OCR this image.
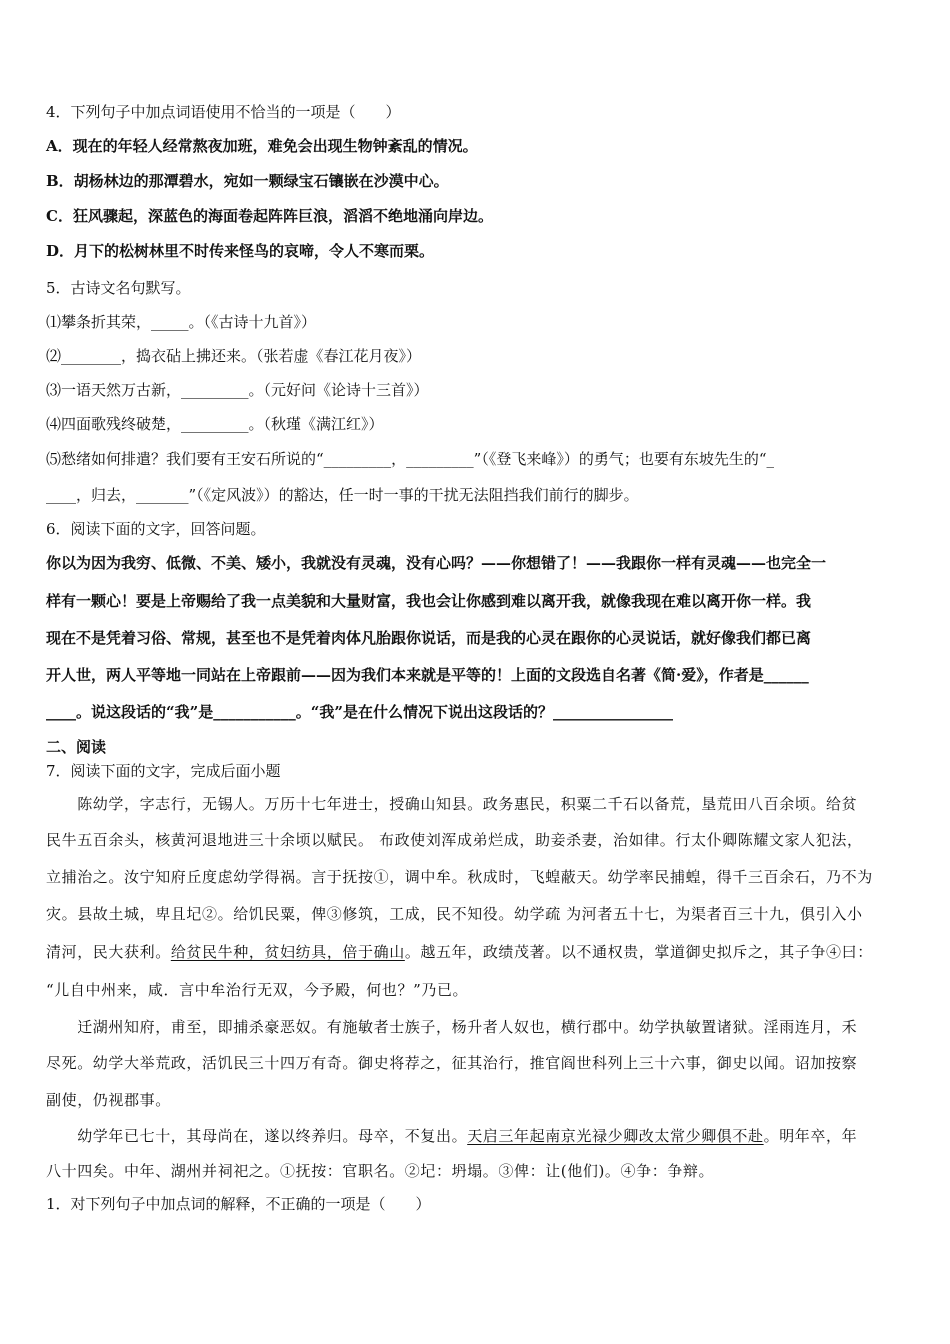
4．下列句子中加点词语使用不恰当的一项是（　　）
A．现在的年轻人经常熬夜加班，难免会出现生物钟紊乱的情况。
B．胡杨林边的那潭碧水，宛如一颗绿宝石镶嵌在沙漠中心。
C．狂风骤起，深蓝色的海面卷起阵阵巨浪，滔滔不绝地涌向岸边。
D．月下的松树林里不时传来怪鸟的哀啼，令人不寒而栗。
5．古诗文名句默写。
⑴攀条折其荣，_____。（《古诗十九首》）
⑵________，捣衣砧上拂还来。（张若虚《春江花月夜》）
⑶一语天然万古新，_________。（元好问《论诗十三首》）
⑷四面歌残终破楚，_________。（秋瑾《满江红》）
⑸愁绪如何排遣？我们要有王安石所说的“_________，_________”（《登飞来峰》）的勇气；也要有东坡先生的“_
____，归去，_______”（《定风波》）的豁达，任一时一事的干扰无法阻挡我们前行的脚步。
6．阅读下面的文字，回答问题。
你以为因为我穷、低微、不美、矮小，我就没有灵魂，没有心吗？——你想错了！——我跟你一样有灵魂——也完全一
样有一颗心！要是上帝赐给了我一点美貌和大量财富，我也会让你感到难以离开我，就像我现在难以离开你一样。我
现在不是凭着习俗、常规，甚至也不是凭着肉体凡胎跟你说话，而是我的心灵在跟你的心灵说话，就好像我们都已离
开人世，两人平等地一同站在上帝跟前——因为我们本来就是平等的！上面的文段选自名著《简·爱》，作者是______
____。说这段话的“我”是___________。“我”是在什么情况下说出这段话的？________________
二、阅读
7．阅读下面的文字，完成后面小题
　　陈幼学，字志行，无锡人。万历十七年进士，授确山知县。政务惠民，积粟二千石以备荒，垦荒田八百余顷。给贫
民牛五百余头，核黄河退地进三十余顷以赋民。 布政使刘浑成弟烂成，助妾杀妻，治如律。行太仆卿陈耀文家人犯法，
立捕治之。汝宁知府丘度虑幼学得祸。言于抚按①，调中牟。秋成时，飞蝗蔽天。幼学率民捕蝗，得千三百余石，乃不为
灾。县故土城，卑且圮②。给饥民粟，俾③修筑，工成，民不知役。幼学疏 为河者五十七，为渠者百三十九，俱引入小
清河，民大获利。给贫民牛种，贫妇纺具，倍于确山。越五年，政绩茂著。以不通权贵，掌道御史拟斥之，其子争④曰：
“儿自中州来，咸．言中牟治行无双，今予殿，何也？”乃已。
　　迁湖州知府，甫至，即捕杀豪恶奴。有施敏者士族子，杨升者人奴也，横行郡中。幼学执敏置诸狱。淫雨连月，禾
尽死。幼学大举荒政，活饥民三十四万有奇。御史将荐之，征其治行，推官阎世科列上三十六事，御史以闻。诏加按察
副使，仍视郡事。
　　幼学年已七十，其母尚在，遂以终养归。母卒，不复出。天启三年起南京光禄少卿改太常少卿俱不赴。明年卒，年
八十四矣。中年、湖州并祠祀之。①抚按：官职名。②圮：坍塌。③俾：让(他们)。④争：争辩。
1．对下列句子中加点词的解释，不正确的一项是（　　）
